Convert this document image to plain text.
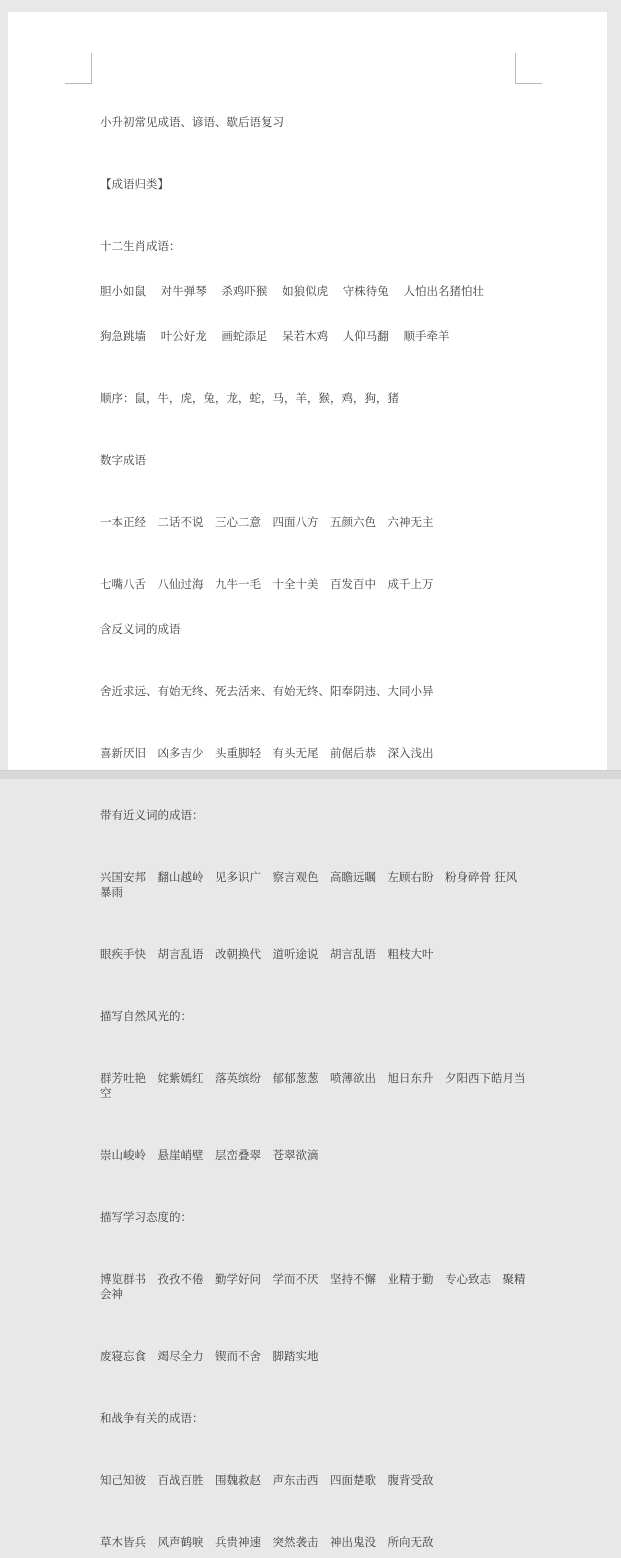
小升初常见成语、谚语、歇后语复习

【成语归类】

十二生肖成语：

胆小如鼠　 对牛弹琴　 杀鸡吓猴　 如狼似虎　 守株待兔　 人怕出名猪怕壮

狗急跳墙　 叶公好龙　 画蛇添足　 呆若木鸡　 人仰马翻　 顺手牵羊

顺序：鼠，牛，虎，兔，龙，蛇，马，羊，猴，鸡，狗，猪

数字成语

一本正经　二话不说　三心二意　四面八方　五颜六色　六神无主

七嘴八舌　八仙过海　九牛一毛　十全十美　百发百中　成千上万

含反义词的成语

舍近求远、有始无终、死去活来、有始无终、阳奉阴违、大同小异

喜新厌旧　凶多吉少　头重脚轻　有头无尾　前倨后恭　深入浅出

带有近义词的成语：

兴国安邦　翻山越岭　见多识广　察言观色　高瞻远瞩　左顾右盼　粉身碎骨 狂风暴雨

眼疾手快　胡言乱语　改朝换代　道听途说　胡言乱语　粗枝大叶

描写自然风光的：

群芳吐艳　姹紫嫣红　落英缤纷　郁郁葱葱　喷薄欲出　旭日东升　夕阳西下皓月当空

崇山峻岭　悬崖峭壁　层峦叠翠　苍翠欲滴

描写学习态度的：

博览群书　孜孜不倦　勤学好问　学而不厌　坚持不懈　业精于勤　专心致志　聚精会神

废寝忘食　竭尽全力　锲而不舍　脚踏实地

和战争有关的成语：

知己知彼　百战百胜　围魏救赵　声东击西　四面楚歌　腹背受敌

草木皆兵　风声鹤唳　兵贵神速　突然袭击　神出鬼没　所向无敌
